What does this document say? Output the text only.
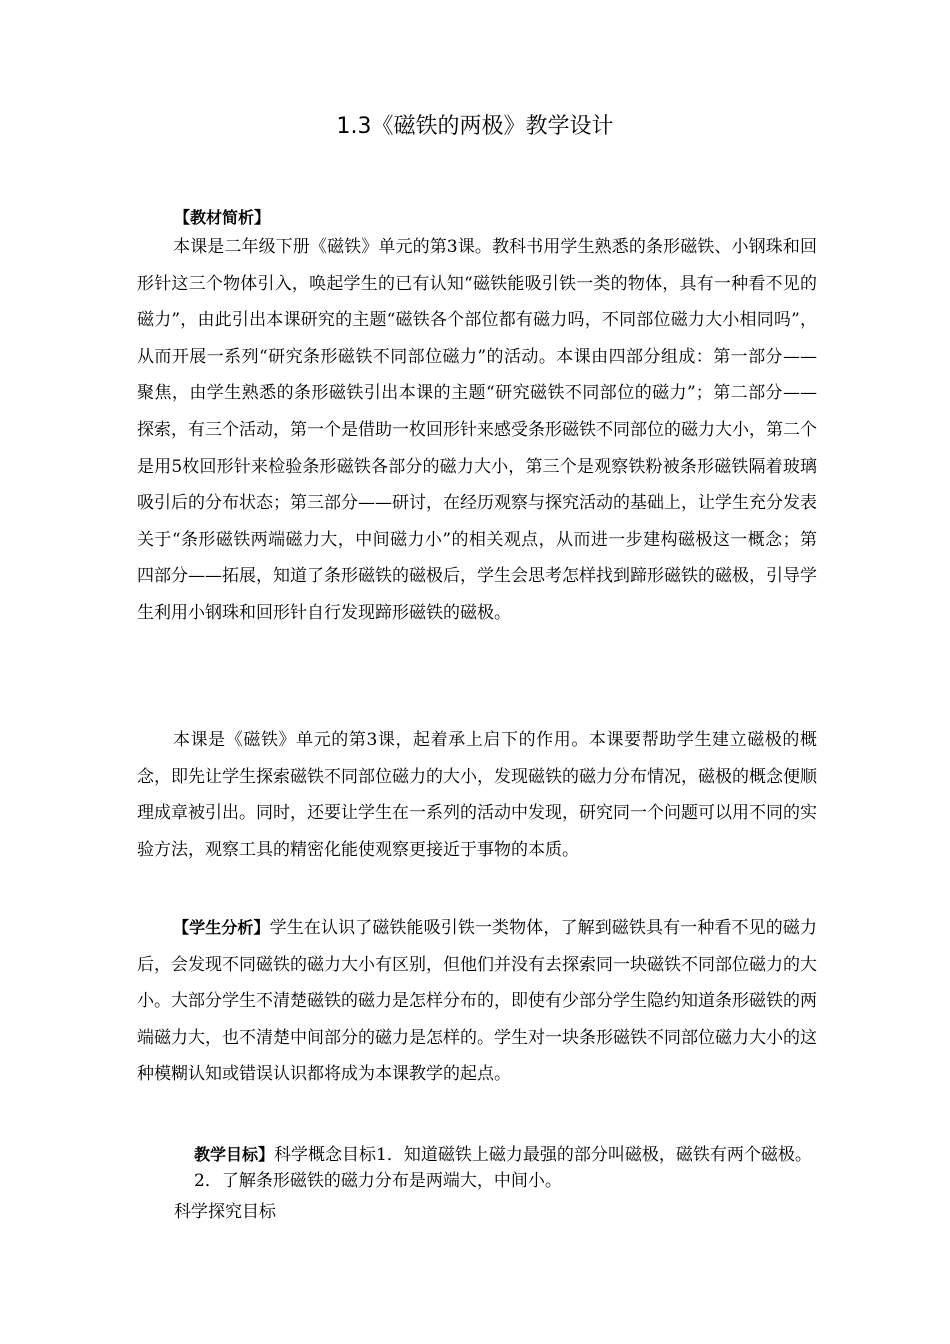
1.3《磁铁的两极》教学设计
【教材简析】

本课是二年级下册《磁铁》单元的第3课。教科书用学生熟悉的条形磁铁、小钢珠和回形针这三个物体引入，唤起学生的已有认知“磁铁能吸引铁一类的物体，具有一种看不见的磁力”，由此引出本课研究的主题“磁铁各个部位都有磁力吗，不同部位磁力大小相同吗”，从而开展一系列“研究条形磁铁不同部位磁力”的活动。本课由四部分组成：第一部分——聚焦，由学生熟悉的条形磁铁引出本课的主题“研究磁铁不同部位的磁力”；第二部分——探索，有三个活动，第一个是借助一枚回形针来感受条形磁铁不同部位的磁力大小，第二个是用5枚回形针来检验条形磁铁各部分的磁力大小，第三个是观察铁粉被条形磁铁隔着玻璃吸引后的分布状态；第三部分——研讨，在经历观察与探究活动的基础上，让学生充分发表关于“条形磁铁两端磁力大，中间磁力小”的相关观点，从而进一步建构磁极这一概念；第四部分——拓展，知道了条形磁铁的磁极后，学生会思考怎样找到蹄形磁铁的磁极，引导学生利用小钢珠和回形针自行发现蹄形磁铁的磁极。

本课是《磁铁》单元的第3课，起着承上启下的作用。本课要帮助学生建立磁极的概念，即先让学生探索磁铁不同部位磁力的大小，发现磁铁的磁力分布情况，磁极的概念便顺理成章被引出。同时，还要让学生在一系列的活动中发现，研究同一个问题可以用不同的实验方法，观察工具的精密化能使观察更接近于事物的本质。

【学生分析】学生在认识了磁铁能吸引铁一类物体，了解到磁铁具有一种看不见的磁力后，会发现不同磁铁的磁力大小有区别，但他们并没有去探索同一块磁铁不同部位磁力的大小。大部分学生不清楚磁铁的磁力是怎样分布的，即使有少部分学生隐约知道条形磁铁的两端磁力大，也不清楚中间部分的磁力是怎样的。学生对一块条形磁铁不同部位磁力大小的这种模糊认知或错误认识都将成为本课教学的起点。

教学目标】科学概念目标1．知道磁铁上磁力最强的部分叫磁极，磁铁有两个磁极。2．了解条形磁铁的磁力分布是两端大，中间小。

科学探究目标
